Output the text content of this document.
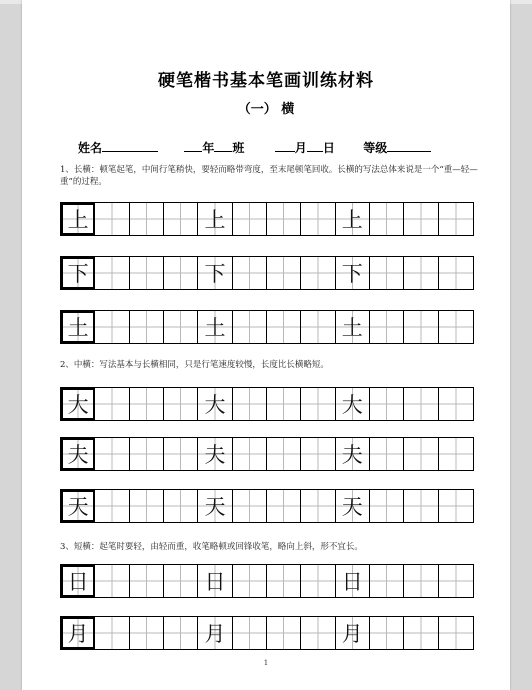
硬笔楷书基本笔画训练材料
（一） 横
姓名	年 班	月 日 等级
1、长横：顿笔起笔，中间行笔稍快，要轻而略带弯度，至末尾顿笔回收。长横的写法总体来说是一个“重—轻—重”的过程。
上	上	上
下	下	下
土	土	土
2、中横：写法基本与长横相同，只是行笔速度较慢，长度比长横略短。
大	大	大
夫	夫	夫
天	天	天
3、短横：起笔时要轻，由轻而重，收笔略顿或回锋收笔，略向上斜，形不宜长。
日	日	日
月	月	月
1
